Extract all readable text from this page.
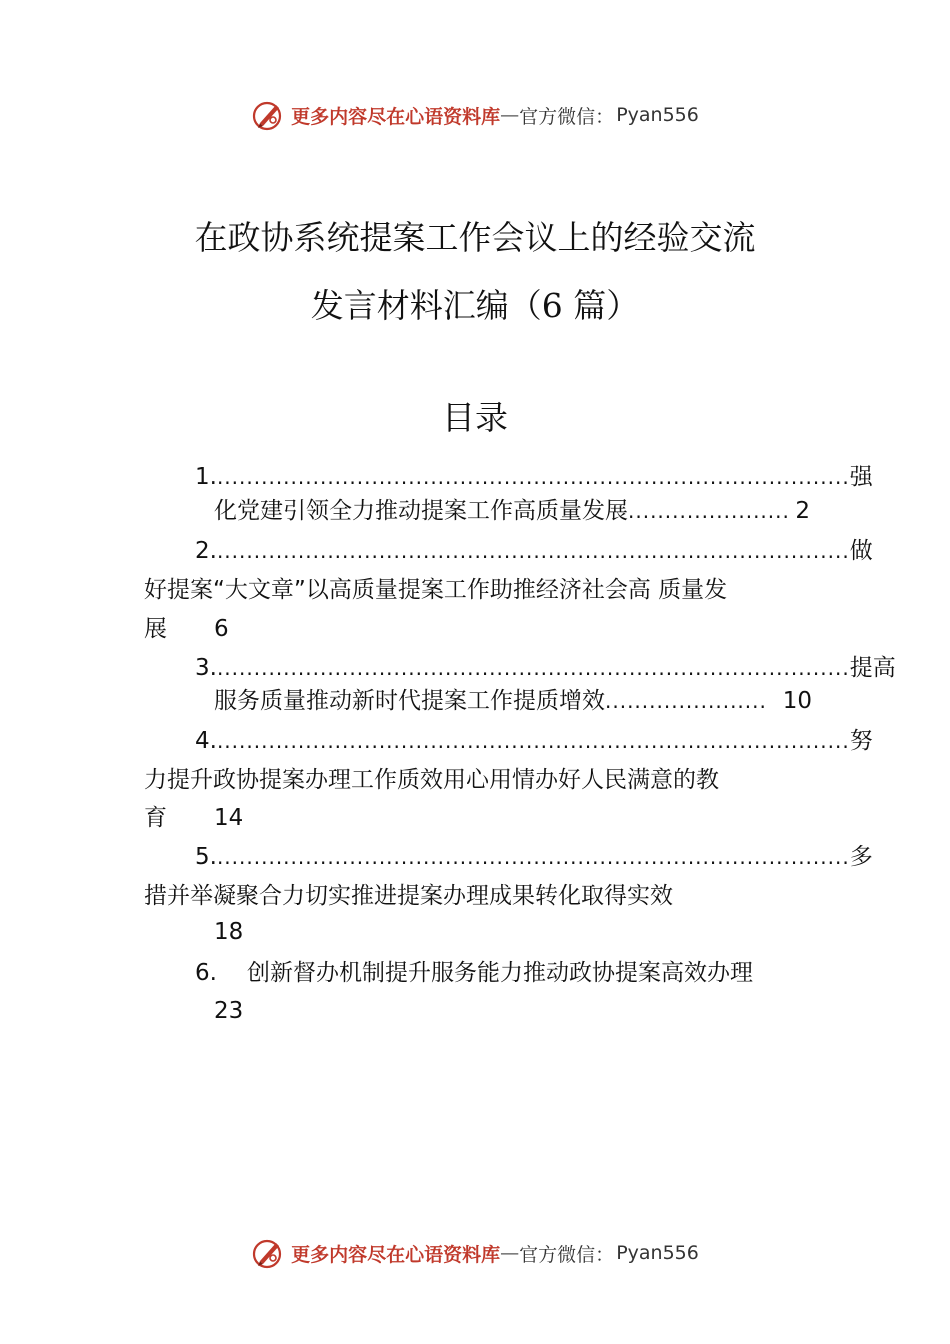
更多内容尽在心语资料库 — 官方微信： Pyan556
在政协系统提案工作会议上的经验交流
发言材料汇编（6 篇）
目录
1. ...................................................................................... 强
化党建引领全力推动提案工作高质量发展 ...................... 2
2. ...................................................................................... 做
好提案“大文章”以高质量提案工作助推经济社会高 质量发
展 6
3. ...................................................................................... 提高
服务质量推动新时代提案工作提质增效 ...................... 10
4. ...................................................................................... 努
力提升政协提案办理工作质效用心用情办好人民满意的教
育 14
5. ...................................................................................... 多
措并举凝聚合力切实推进提案办理成果转化取得实效
18
6. 创新督办机制提升服务能力推动政协提案高效办理
23
更多内容尽在心语资料库 — 官方微信： Pyan556
